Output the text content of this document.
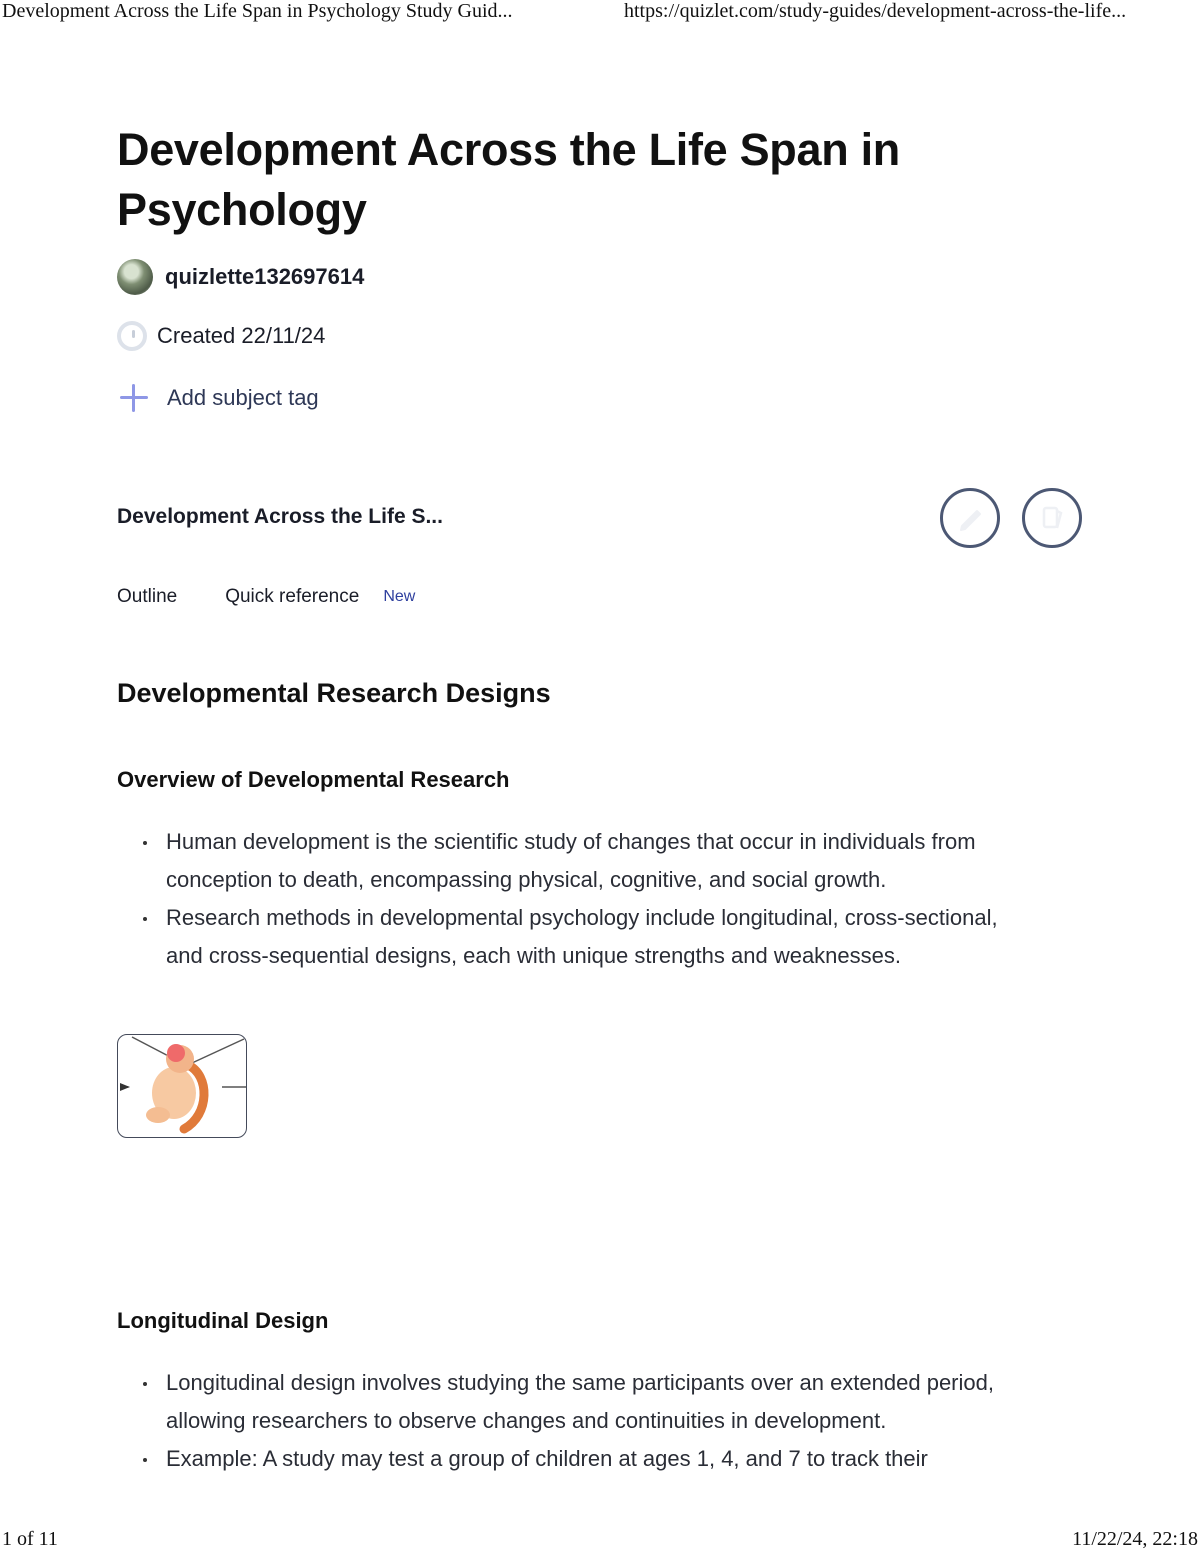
Development Across the Life Span in Psychology Study Guid...	https://quizlet.com/study-guides/development-across-the-life...
Development Across the Life Span in Psychology
quizlette132697614
Created 22/11/24
Add subject tag
Development Across the Life S...
Outline	Quick reference New
Developmental Research Designs
Overview of Developmental Research
Human development is the scientific study of changes that occur in individuals from conception to death, encompassing physical, cognitive, and social growth.
Research methods in developmental psychology include longitudinal, cross-sectional, and cross-sequential designs, each with unique strengths and weaknesses.
Longitudinal Design
Longitudinal design involves studying the same participants over an extended period, allowing researchers to observe changes and continuities in development.
Example: A study may test a group of children at ages 1, 4, and 7 to track their
1 of 11	11/22/24, 22:18
